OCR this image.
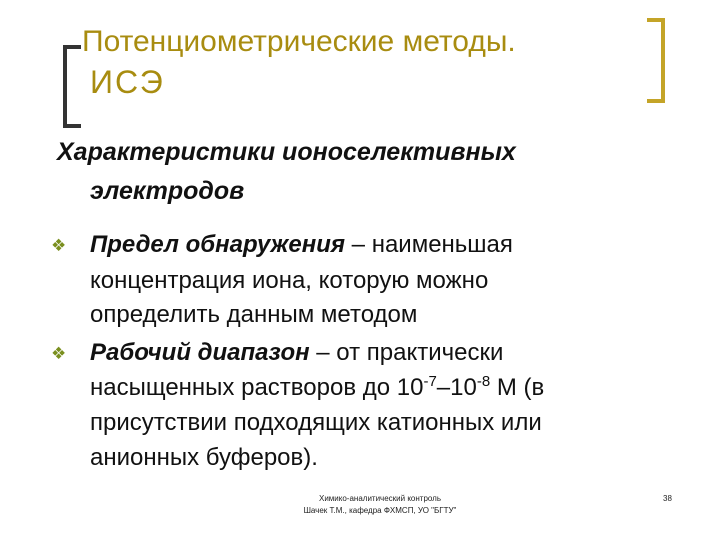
Потенциометрические методы.
ИСЭ
Характеристики ионоселективных
электродов
❖ Предел обнаружения – наименьшая
концентрация иона, которую можно
определить данным методом
❖ Рабочий диапазон – от практически
насыщенных растворов до $10^{-7}-10^{-8}$ М (в
присутствии подходящих катионных или
анионных буферов).
Химико-аналитический контроль
Шачек Т.М., кафедра ФХМСП, УО "БГТУ"
38
